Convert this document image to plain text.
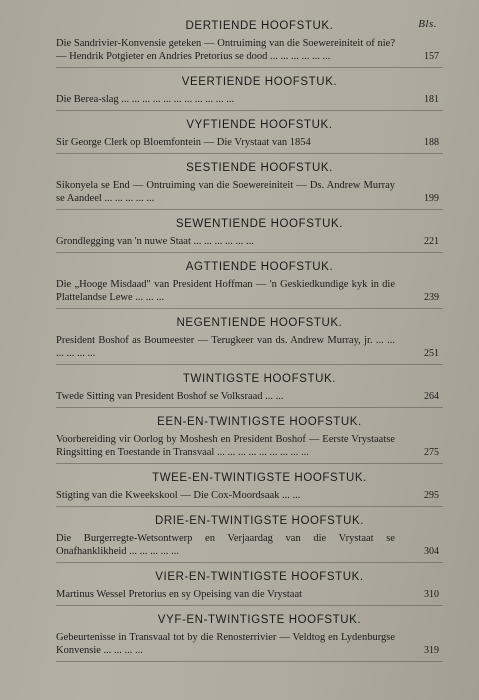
Bls.
DERTIENDE HOOFSTUK.
Die Sandrivier-Konvensie geteken — Ontruiming van die Soewereiniteit of nie? — Hendrik Potgieter en Andries Pretorius se dood ... ... ... ... ... ...	157
VEERTIENDE HOOFSTUK.
Die Berea-slag ... ... ... ... ... ... ... ... ... ... ...	181
VYFTIENDE HOOFSTUK.
Sir George Clerk op Bloemfontein — Die Vrystaat van 1854	188
SESTIENDE HOOFSTUK.
Sikonyela se End — Ontruiming van die Soewereiniteit — Ds. Andrew Murray se Aandeel ... ... ... ... ...	199
SEWENTIENDE HOOFSTUK.
Grondlegging van 'n nuwe Staat ... ... ... ... ... ...	221
AGTTIENDE HOOFSTUK.
Die „Hooge Misdaad" van President Hoffman — 'n Geskiedkundige kyk in die Plattelandse Lewe ... ... ...	239
NEGENTIENDE HOOFSTUK.
President Boshof as Boumeester — Terugkeer van ds. Andrew Murray, jr. ... ... ... ... ... ...	251
TWINTIGSTE HOOFSTUK.
Twede Sitting van President Boshof se Volksraad ... ...	264
EEN-EN-TWINTIGSTE HOOFSTUK.
Voorbereiding vir Oorlog by Moshesh en President Boshof — Eerste Vrystaatse Ringsitting en Toestande in Transvaal ... ... ... ... ... ... ... ... ...	275
TWEE-EN-TWINTIGSTE HOOFSTUK.
Stigting van die Kweekskool — Die Cox-Moordsaak ... ...	295
DRIE-EN-TWINTIGSTE HOOFSTUK.
Die Burgerregte-Wetsontwerp en Verjaardag van die Vrystaat se Onafhanklikheid ... ... ... ... ...	304
VIER-EN-TWINTIGSTE HOOFSTUK.
Martinus Wessel Pretorius en sy Opeising van die Vrystaat	310
VYF-EN-TWINTIGSTE HOOFSTUK.
Gebeurtenisse in Transvaal tot by die Renosterrivier — Veldtog en Lydenburgse Konvensie ... ... ... ...	319
